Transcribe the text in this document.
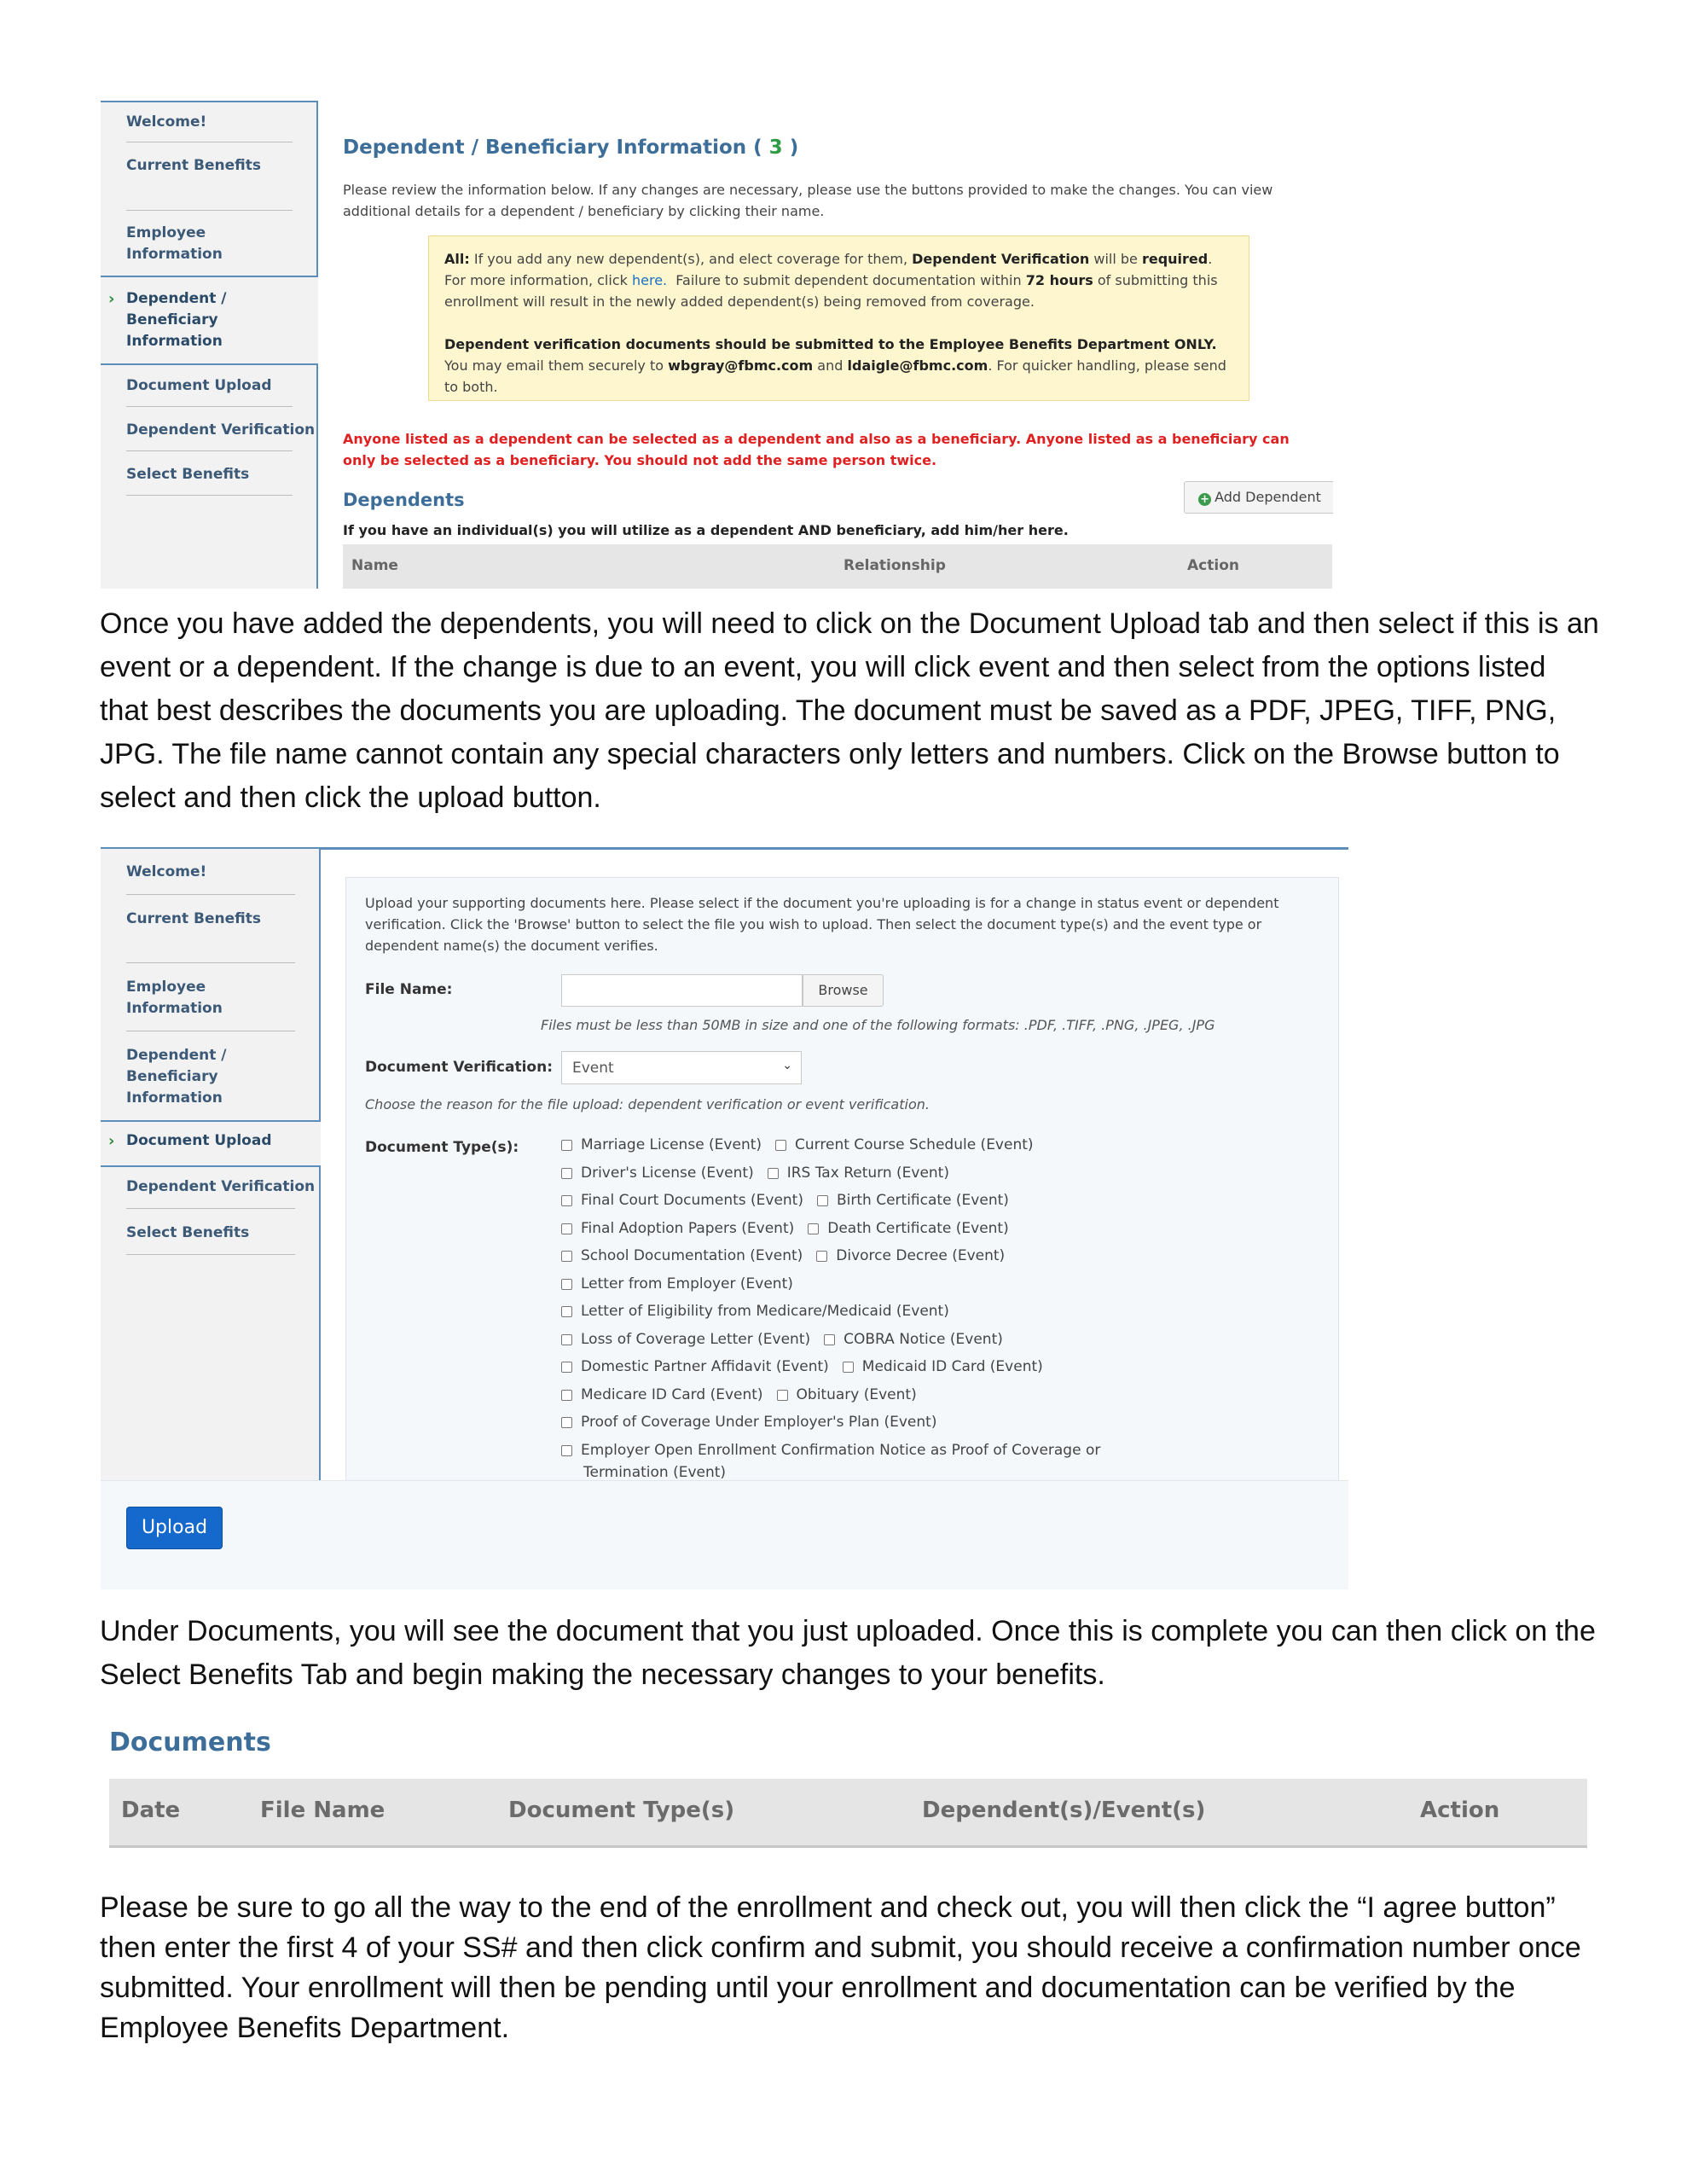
Welcome!
Current Benefits
Employee Information
› Dependent / Beneficiary Information
Document Upload
Dependent Verification
Select Benefits
Dependent / Beneficiary Information ( 3 )
Please review the information below. If any changes are necessary, please use the buttons provided to make the changes. You can view additional details for a dependent / beneficiary by clicking their name.
All: If you add any new dependent(s), and elect coverage for them, Dependent Verification will be required. For more information, click here. Failure to submit dependent documentation within 72 hours of submitting this enrollment will result in the newly added dependent(s) being removed from coverage.
Dependent verification documents should be submitted to the Employee Benefits Department ONLY. You may email them securely to wbgray@fbmc.com and ldaigle@fbmc.com. For quicker handling, please send to both.
Anyone listed as a dependent can be selected as a dependent and also as a beneficiary. Anyone listed as a beneficiary can only be selected as a beneficiary. You should not add the same person twice.
Dependents	+ Add Dependent
If you have an individual(s) you will utilize as a dependent AND beneficiary, add him/her here.
Name	Relationship	Action
Once you have added the dependents, you will need to click on the Document Upload tab and then select if this is an event or a dependent. If the change is due to an event, you will click event and then select from the options listed that best describes the documents you are uploading. The document must be saved as a PDF, JPEG, TIFF, PNG, JPG. The file name cannot contain any special characters only letters and numbers. Click on the Browse button to select and then click the upload button.
Welcome!
Current Benefits
Employee Information
Dependent / Beneficiary Information
› Document Upload
Dependent Verification
Select Benefits
Upload your supporting documents here. Please select if the document you're uploading is for a change in status event or dependent verification. Click the 'Browse' button to select the file you wish to upload. Then select the document type(s) and the event type or dependent name(s) the document verifies.
File Name:	Browse
Files must be less than 50MB in size and one of the following formats: .PDF, .TIFF, .PNG, .JPEG, .JPG
Document Verification: Event	⌄
Choose the reason for the file upload: dependent verification or event verification.
Document Type(s):	Marriage License (Event) Current Course Schedule (Event)
Driver's License (Event) IRS Tax Return (Event)
Final Court Documents (Event) Birth Certificate (Event)
Final Adoption Papers (Event) Death Certificate (Event)
School Documentation (Event) Divorce Decree (Event)
Letter from Employer (Event)
Letter of Eligibility from Medicare/Medicaid (Event)
Loss of Coverage Letter (Event) COBRA Notice (Event)
Domestic Partner Affidavit (Event) Medicaid ID Card (Event)
Medicare ID Card (Event) Obituary (Event)
Proof of Coverage Under Employer's Plan (Event)
Employer Open Enrollment Confirmation Notice as Proof of Coverage or
Termination (Event)
Upload
Under Documents, you will see the document that you just uploaded. Once this is complete you can then click on the Select Benefits Tab and begin making the necessary changes to your benefits.
Documents
Date	File Name	Document Type(s)	Dependent(s)/Event(s)	Action
Please be sure to go all the way to the end of the enrollment and check out, you will then click the “I agree button” then enter the first 4 of your SS# and then click confirm and submit, you should receive a confirmation number once submitted. Your enrollment will then be pending until your enrollment and documentation can be verified by the Employee Benefits Department.
